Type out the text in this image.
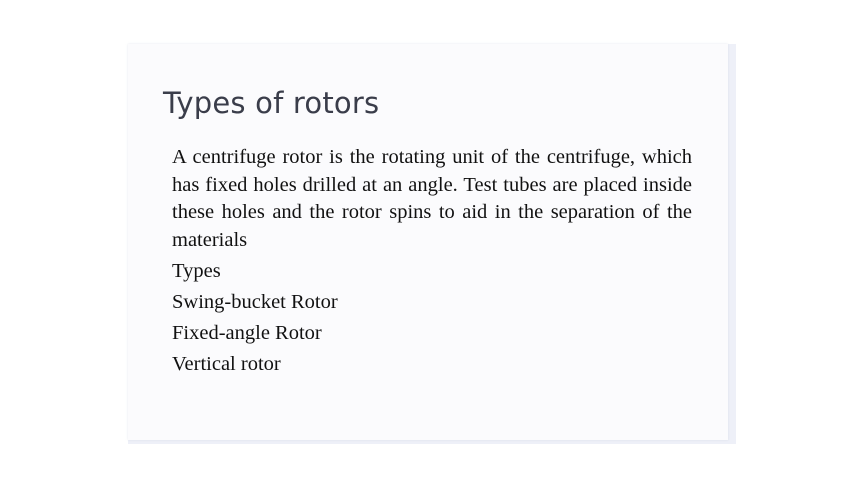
Types of rotors

A centrifuge rotor is the rotating unit of the centrifuge, which has fixed holes drilled at an angle. Test tubes are placed inside these holes and the rotor spins to aid in the separation of the materials

Types

Swing-bucket Rotor

Fixed-angle Rotor

Vertical rotor
